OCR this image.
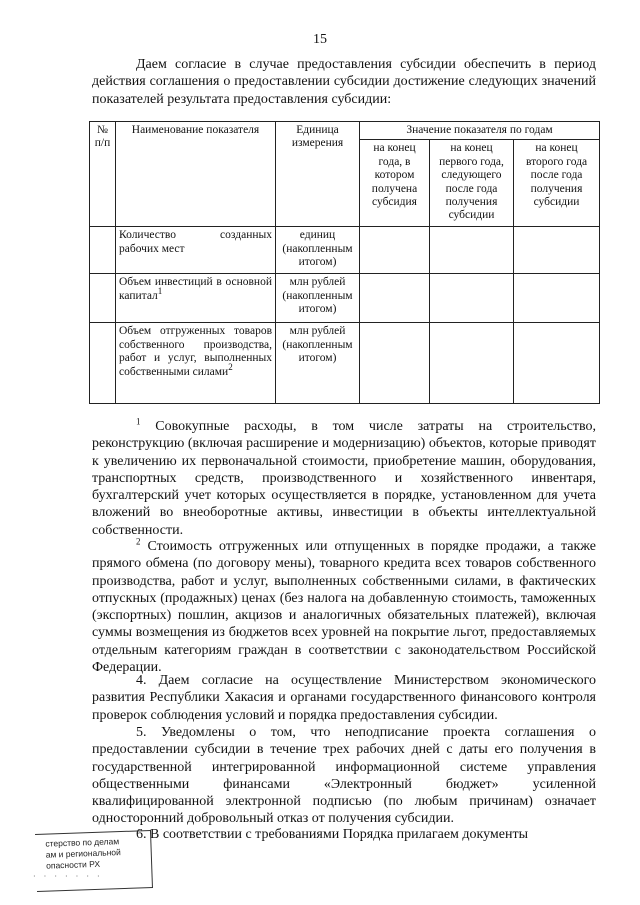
15

Даем согласие в случае предоставления субсидии обеспечить в период действия соглашения о предоставлении субсидии достижение следующих значений показателей результата предоставления субсидии:

№ п/п	Наименование показателя	Единица измерения	Значение показателя по годам		
			на конец года, в котором получена субсидия	на конец первого года, следующего после года получения субсидии	на конец второго года после года получения субсидии
	Количество созданных рабочих мест	единиц (накопленным итогом)			
	Объем инвестиций в основной капитал$^1$	млн рублей (накопленным итогом)			
	Объем отгруженных товаров собственного производства, работ и услуг, выполненных собственными силами$^2$	млн рублей (накопленным итогом)			

$^1$ Совокупные расходы, в том числе затраты на строительство, реконструкцию (включая расширение и модернизацию) объектов, которые приводят к увеличению их первоначальной стоимости, приобретение машин, оборудования, транспортных средств, производственного и хозяйственного инвентаря, бухгалтерский учет которых осуществляется в порядке, установленном для учета вложений во внеоборотные активы, инвестиции в объекты интеллектуальной собственности.

$^2$ Стоимость отгруженных или отпущенных в порядке продажи, а также прямого обмена (по договору мены), товарного кредита всех товаров собственного производства, работ и услуг, выполненных собственными силами, в фактических отпускных (продажных) ценах (без налога на добавленную стоимость, таможенных (экспортных) пошлин, акцизов и аналогичных обязательных платежей), включая суммы возмещения из бюджетов всех уровней на покрытие льгот, предоставляемых отдельным категориям граждан в соответствии с законодательством Российской Федерации.

4. Даем согласие на осуществление Министерством экономического развития Республики Хакасия и органами государственного финансового контроля проверок соблюдения условий и порядка предоставления субсидии.

5. Уведомлены о том, что неподписание проекта соглашения о предоставлении субсидии в течение трех рабочих дней с даты его получения в государственной интегрированной информационной системе управления общественными финансами «Электронный бюджет» усиленной квалифицированной электронной подписью (по любым причинам) означает односторонний добровольный отказ от получения субсидии.

6. В соответствии с требованиями Порядка прилагаем документы

стерство по делам
ам и региональной
опасности РХ
· · · · · · ·
